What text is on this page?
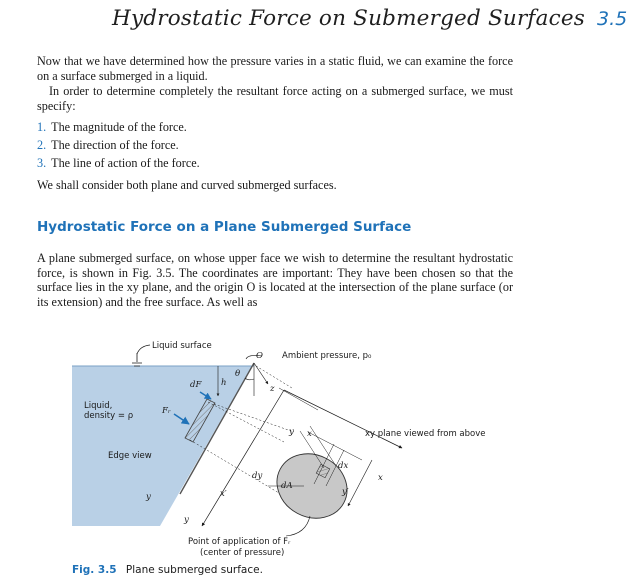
Hydrostatic Force on Submerged Surfaces 3.5
Now that we have determined how the pressure varies in a static fluid, we can examine the force on a surface submerged in a liquid.
In order to determine completely the resultant force acting on a submerged surface, we must specify:
1. The magnitude of the force.
2. The direction of the force.
3. The line of action of the force.
We shall consider both plane and curved submerged surfaces.
Hydrostatic Force on a Plane Submerged Surface
A plane submerged surface, on whose upper face we wish to determine the resultant hydrostatic force, is shown in Fig. 3.5. The coordinates are important: They have been chosen so that the surface lies in the xy plane, and the origin O is located at the intersection of the plane surface (or its extension) and the free surface. As well as
Liquid surface
O Ambient pressure, p₀
θ
h
dF	z
Fᵣ
Liquid,
density = ρ
y x	xy plane viewed from above
dy
dx
dA
Edge view
x′	y′
x
y
y
Point of application of Fᵣ
(center of pressure)
Fig. 3.5 Plane submerged surface.
